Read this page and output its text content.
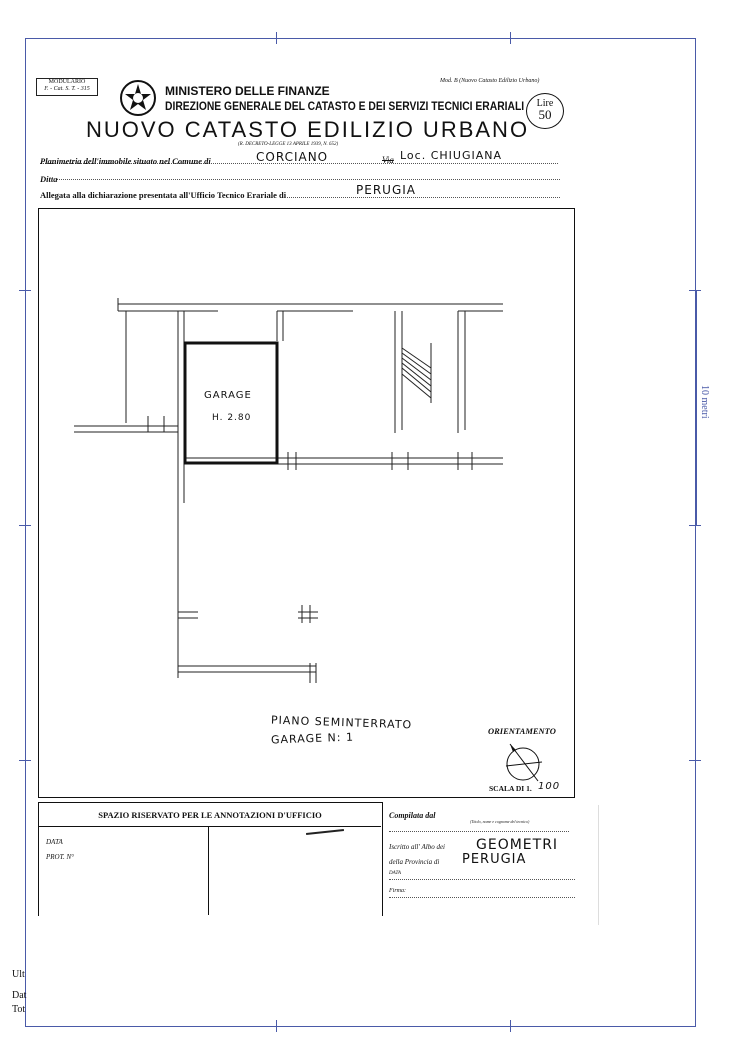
10 metri
MODULARIO
F. - Cat. S. T. - 315	MINISTERO DELLE FINANZE
DIREZIONE GENERALE DEL CATASTO E DEI SERVIZI TECNICI ERARIALI
Mod. B (Nuovo Catasto Edilizio Urbano)
Lire
50
NUOVO CATASTO EDILIZIO URBANO
(R. DECRETO-LEGGE 13 APRILE 1939, N. 652)
Planimetria dell'immobile situato nel Comune di	CORCIANO	Via Loc. CHIUGIANA
Ditta
Allegata alla dichiarazione presentata all'Ufficio Tecnico Erariale di	PERUGIA
GARAGE
H. 2.80
PIANO SEMINTERRATO
GARAGE N: 1	ORIENTAMENTO
SCALA DI 1. 100
SPAZIO RISERVATO PER LE ANNOTAZIONI D'UFFICIO
DATA
PROT. N°
Compilata dal
(Titolo, nome e cognome del tecnico)
Iscritto all' Albo dei GEOMETRI
della Provincia di PERUGIA
DATA
Firma:
Ult
Dat
Tot
